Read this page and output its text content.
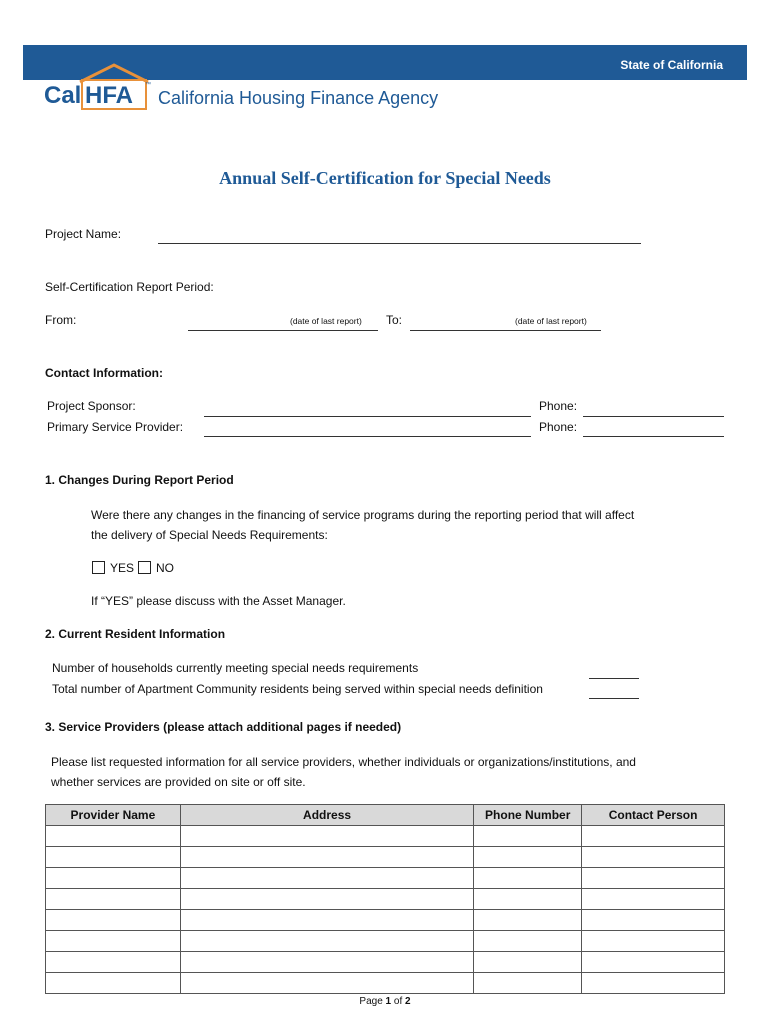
State of California
Cal HFA ™
California Housing Finance Agency
Annual Self-Certification for Special Needs
Project Name:
Self-Certification Report Period:
From:	(date of last report) To:	(date of last report)
Contact Information:
Project Sponsor:	Phone:
Primary Service Provider:	Phone:
1. Changes During Report Period
Were there any changes in the financing of service programs during the reporting period that will affect
the delivery of Special Needs Requirements:
YES NO
If “YES” please discuss with the Asset Manager.
2. Current Resident Information
Number of households currently meeting special needs requirements
Total number of Apartment Community residents being served within special needs definition
3. Service Providers (please attach additional pages if needed)
Please list requested information for all service providers, whether individuals or organizations/institutions, and
whether services are provided on site or off site.
Provider Name	Address	Phone Number	Contact Person

Page 1 of 2
